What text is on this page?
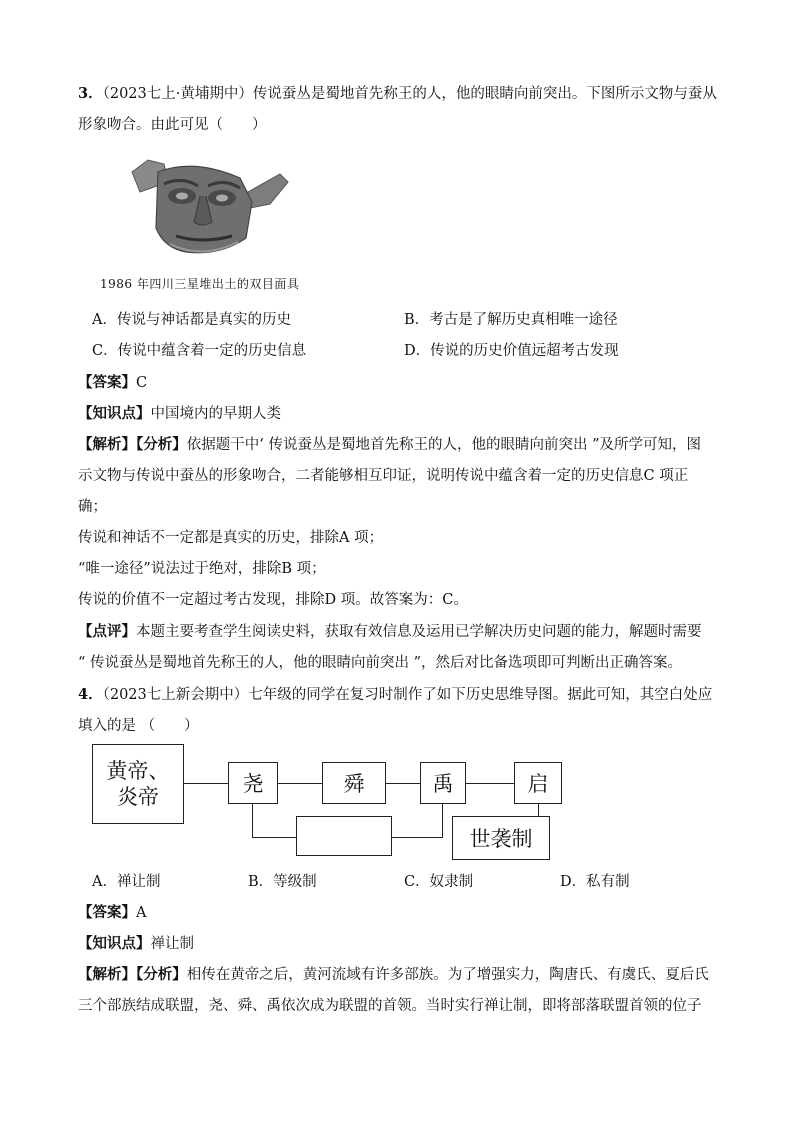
3．（2023七上·黄埔期中）传说蚕丛是蜀地首先称王的人，他的眼睛向前突出。下图所示文物与蚕从
形象吻合。由此可见（　　）
1986 年四川三星堆出土的双目面具
A．传说与神话都是真实的历史	B．考古是了解历史真相唯一途径
C．传说中蕴含着一定的历史信息	D．传说的历史价值远超考古发现
【答案】C
【知识点】中国境内的早期人类
【解析】【分析】依据题干中‘ 传说蚕丛是蜀地首先称王的人，他的眼睛向前突出 ”及所学可知，图
示文物与传说中蚕丛的形象吻合，二者能够相互印证，说明传说中蕴含着一定的历史信息C 项正
确；
传说和神话不一定都是真实的历史，排除A 项；
“唯一途径”说法过于绝对，排除B 项；
传说的价值不一定超过考古发现，排除D 项。故答案为：C。
【点评】本题主要考查学生阅读史料，获取有效信息及运用已学解决历史问题的能力，解题时需要
“ 传说蚕丛是蜀地首先称王的人，他的眼睛向前突出 ”，然后对比备选项即可判断出正确答案。
4．（2023七上新会期中）七年级的同学在复习时制作了如下历史思维导图。据此可知，其空白处应
填入的是 （　　）
黄帝、
炎帝
尧	舜	禹	启
世袭制
A．禅让制	B．等级制	C．奴隶制	D．私有制
【答案】A
【知识点】禅让制
【解析】【分析】相传在黄帝之后，黄河流域有许多部族。为了增强实力，陶唐氏、有虞氏、夏后氏
三个部族结成联盟，尧、舜、禹依次成为联盟的首领。当时实行禅让制，即将部落联盟首领的位子
